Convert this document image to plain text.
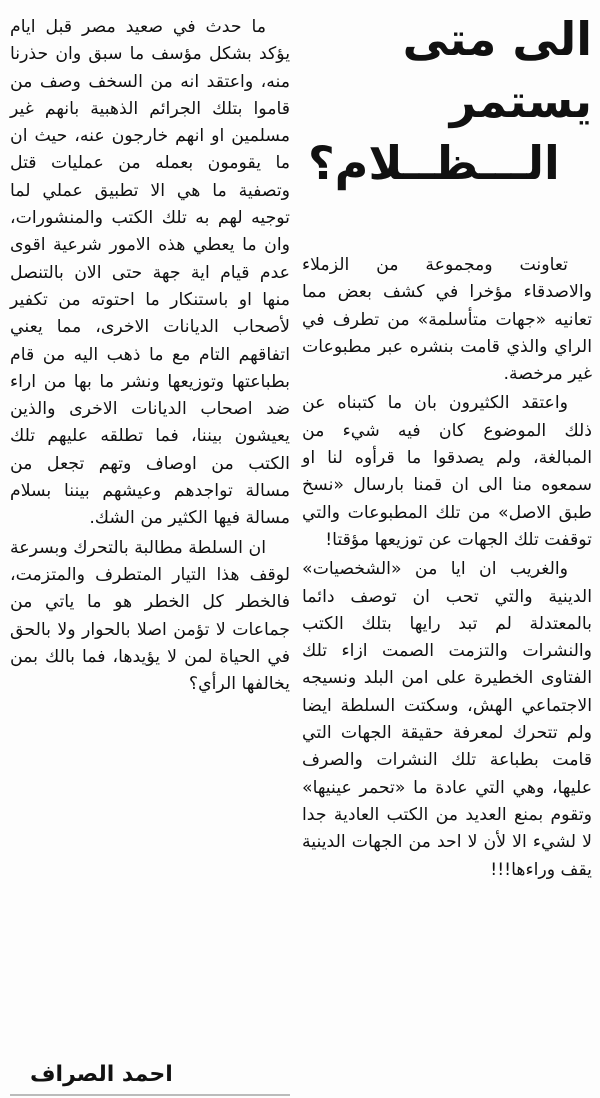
الى متى يستمر
الـــظــلام؟

تعاونت ومجموعة من الزملاء والاصدقاء مؤخرا في كشف بعض مما تعانيه «جهات متأسلمة» من تطرف في الراي والذي قامت بنشره عبر مطبوعات غير مرخصة.

واعتقد الكثيرون بان ما كتبناه عن ذلك الموضوع كان فيه شيء من المبالغة، ولم يصدقوا ما قرأوه لنا او سمعوه منا الى ان قمنا بارسال «نسخ طبق الاصل» من تلك المطبوعات والتي توقفت تلك الجهات عن توزيعها مؤقتا!

والغريب ان ايا من «الشخصيات» الدينية والتي تحب ان توصف دائما بالمعتدلة لم تبد رايها بتلك الكتب والنشرات والتزمت الصمت ازاء تلك الفتاوى الخطيرة على امن البلد ونسيجه الاجتماعي الهش، وسكتت السلطة ايضا ولم تتحرك لمعرفة حقيقة الجهات التي قامت بطباعة تلك النشرات والصرف عليها، وهي التي عادة ما «تحمر عينيها» وتقوم بمنع العديد من الكتب العادية جدا لا لشيء الا لأن لا احد من الجهات الدينية يقف وراءها!!!

ما حدث في صعيد مصر قبل ايام يؤكد بشكل مؤسف ما سبق وان حذرنا منه، واعتقد انه من السخف وصف من قاموا بتلك الجرائم الذهبية بانهم غير مسلمين او انهم خارجون عنه، حيث ان ما يقومون بعمله من عمليات قتل وتصفية ما هي الا تطبيق عملي لما توجيه لهم به تلك الكتب والمنشورات، وان ما يعطي هذه الامور شرعية اقوى عدم قيام اية جهة حتى الان بالتنصل منها او باستنكار ما احتوته من تكفير لأصحاب الديانات الاخرى، مما يعني اتفاقهم التام مع ما ذهب اليه من قام بطباعتها وتوزيعها ونشر ما بها من اراء ضد اصحاب الديانات الاخرى والذين يعيشون بيننا، فما تطلقه عليهم تلك الكتب من اوصاف وتهم تجعل من مسالة تواجدهم وعيشهم بيننا بسلام مسالة فيها الكثير من الشك.

ان السلطة مطالبة بالتحرك وبسرعة لوقف هذا التيار المتطرف والمتزمت، فالخطر كل الخطر هو ما ياتي من جماعات لا تؤمن اصلا بالحوار ولا بالحق في الحياة لمن لا يؤيدها، فما بالك بمن يخالفها الرأي؟

احمد الصراف
